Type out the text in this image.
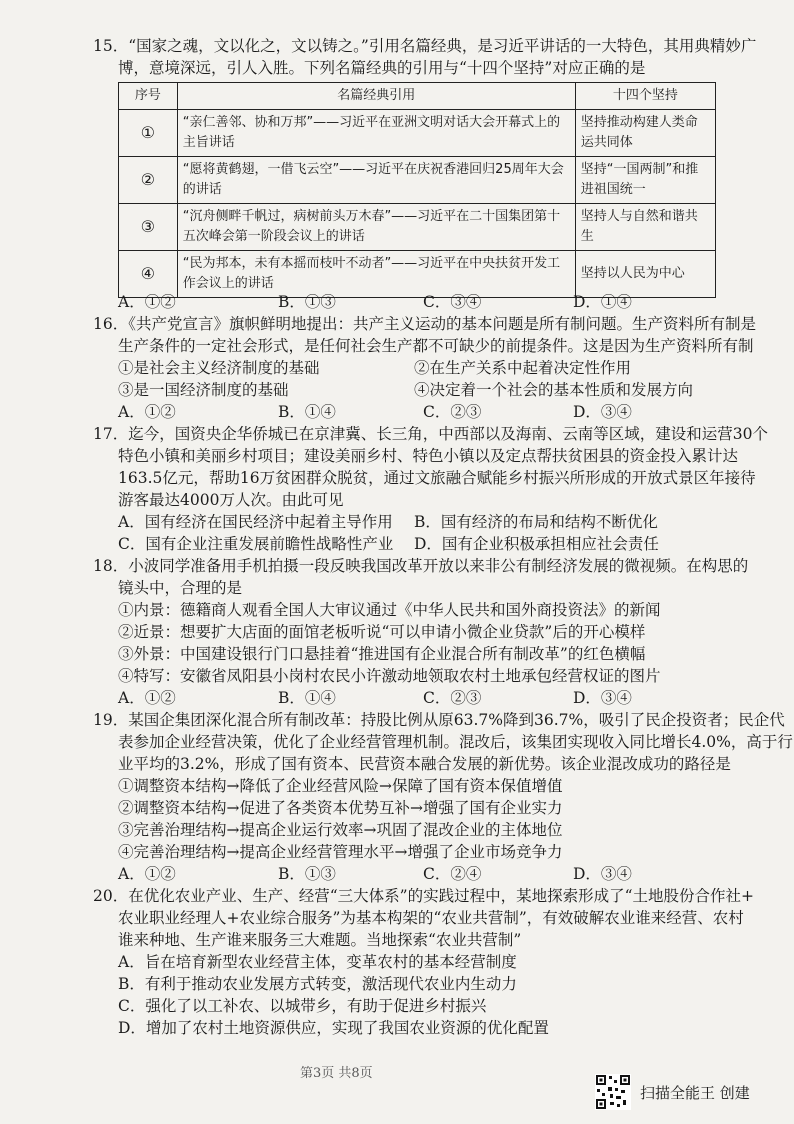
15．“国家之魂，文以化之，文以铸之。”引用名篇经典，是习近平讲话的一大特色，其用典精妙广
博，意境深远，引人入胜。下列名篇经典的引用与“十四个坚持”对应正确的是
序号	名篇经典引用	十四个坚持
①	“亲仁善邻、协和万邦”——习近平在亚洲文明对话大会开幕式上的主旨讲话	坚持推动构建人类命运共同体
②	“愿将黄鹤翅，一借飞云空”——习近平在庆祝香港回归25周年大会的讲话	坚持“一国两制”和推进祖国统一
③	“沉舟侧畔千帆过，病树前头万木春”——习近平在二十国集团第十五次峰会第一阶段会议上的讲话	坚持人与自然和谐共生
④	“民为邦本，未有本摇而枝叶不动者”——习近平在中央扶贫开发工作会议上的讲话	坚持以人民为中心
A．①②	B．①③	C．③④	D．①④
16．《共产党宣言》旗帜鲜明地提出：共产主义运动的基本问题是所有制问题。生产资料所有制是
生产条件的一定社会形式，是任何社会生产都不可缺少的前提条件。这是因为生产资料所有制
①是社会主义经济制度的基础	②在生产关系中起着决定性作用
③是一国经济制度的基础	④决定着一个社会的基本性质和发展方向
A．①②	B．①④	C．②③	D．③④
17．迄今，国资央企华侨城已在京津冀、长三角，中西部以及海南、云南等区域，建设和运营30个
特色小镇和美丽乡村项目；建设美丽乡村、特色小镇以及定点帮扶贫困县的资金投入累计达
163.5亿元，帮助16万贫困群众脱贫，通过文旅融合赋能乡村振兴所形成的开放式景区年接待
游客最达4000万人次。由此可见
A．国有经济在国民经济中起着主导作用 B．国有经济的布局和结构不断优化
C．国有企业注重发展前瞻性战略性产业 D．国有企业积极承担相应社会责任
18．小波同学准备用手机拍摄一段反映我国改革开放以来非公有制经济发展的微视频。在构思的
镜头中，合理的是
①内景：德籍商人观看全国人大审议通过《中华人民共和国外商投资法》的新闻
②近景：想要扩大店面的面馆老板听说“可以申请小微企业贷款”后的开心模样
③外景：中国建设银行门口悬挂着“推进国有企业混合所有制改革”的红色横幅
④特写：安徽省凤阳县小岗村农民小许激动地领取农村土地承包经营权证的图片
A．①②	B．①④	C．②③	D．③④
19．某国企集团深化混合所有制改革：持股比例从原63.7%降到36.7%，吸引了民企投资者；民企代
表参加企业经营决策，优化了企业经营管理机制。混改后，该集团实现收入同比增长4.0%，高于行
业平均的3.2%，形成了国有资本、民营资本融合发展的新优势。该企业混改成功的路径是
①调整资本结构→降低了企业经营风险→保障了国有资本保值增值
②调整资本结构→促进了各类资本优势互补→增强了国有企业实力
③完善治理结构→提高企业运行效率→巩固了混改企业的主体地位
④完善治理结构→提高企业经营管理水平→增强了企业市场竞争力
A．①②	B．①③	C．②④	D．③④
20．在优化农业产业、生产、经营“三大体系”的实践过程中，某地探索形成了“土地股份合作社+
农业职业经理人+农业综合服务”为基本构架的“农业共营制”，有效破解农业谁来经营、农村
谁来种地、生产谁来服务三大难题。当地探索“农业共营制”
A．旨在培育新型农业经营主体，变革农村的基本经营制度
B．有利于推动农业发展方式转变，激活现代农业内生动力
C．强化了以工补农、以城带乡，有助于促进乡村振兴
D．增加了农村土地资源供应，实现了我国农业资源的优化配置
第3页 共8页
扫描全能王 创建
